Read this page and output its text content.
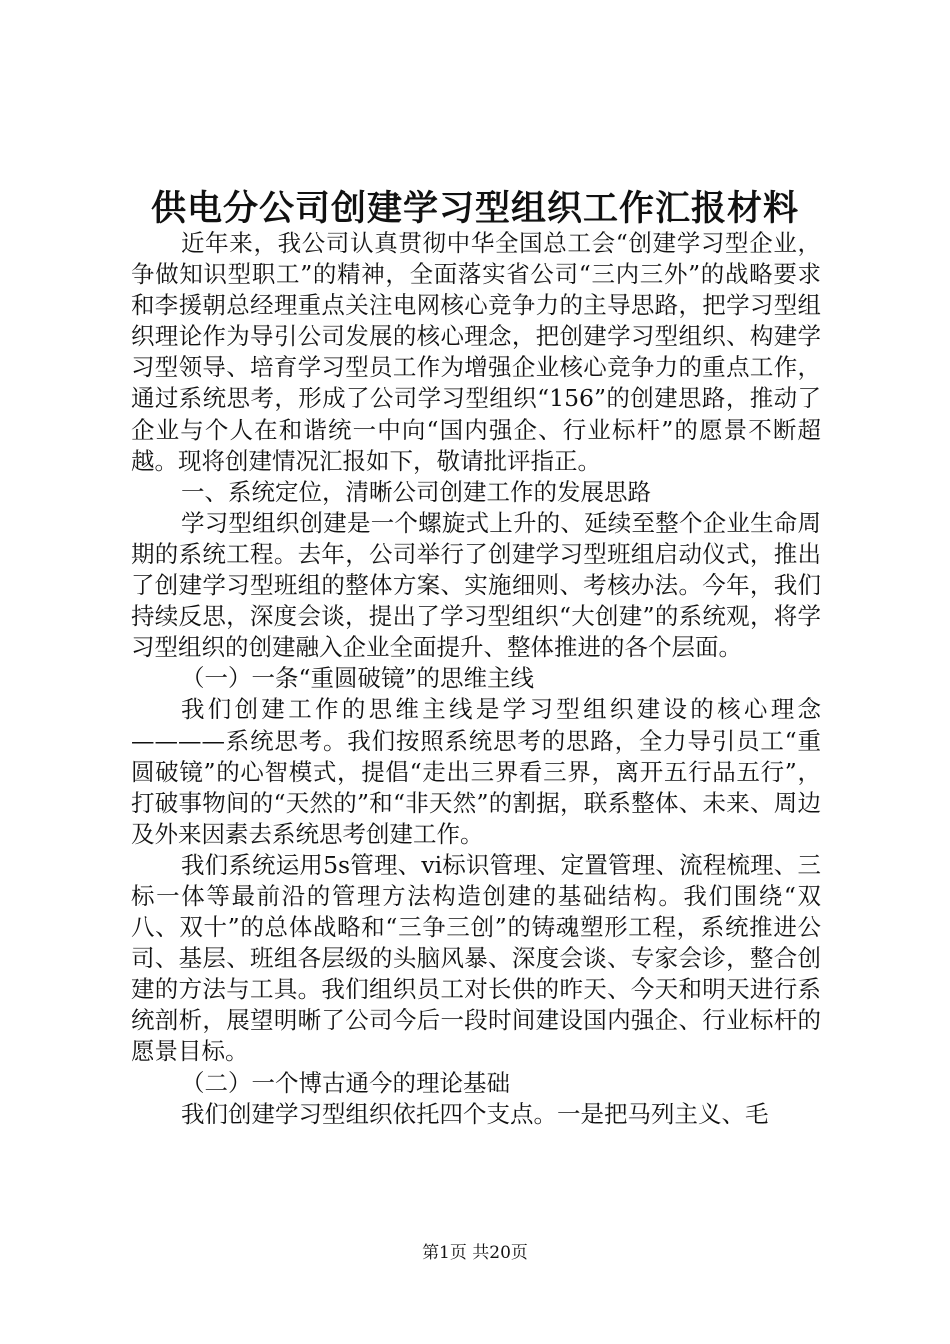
供电分公司创建学习型组织工作汇报材料

近年来，我公司认真贯彻中华全国总工会“创建学习型企业，争做知识型职工”的精神，全面落实省公司“三内三外”的战略要求和李援朝总经理重点关注电网核心竞争力的主导思路，把学习型组织理论作为导引公司发展的核心理念，把创建学习型组织、构建学习型领导、培育学习型员工作为增强企业核心竞争力的重点工作，通过系统思考，形成了公司学习型组织“156”的创建思路，推动了企业与个人在和谐统一中向“国内强企、行业标杆”的愿景不断超越。现将创建情况汇报如下，敬请批评指正。

一、系统定位，清晰公司创建工作的发展思路

学习型组织创建是一个螺旋式上升的、延续至整个企业生命周期的系统工程。去年，公司举行了创建学习型班组启动仪式，推出了创建学习型班组的整体方案、实施细则、考核办法。今年，我们持续反思，深度会谈，提出了学习型组织“大创建”的系统观，将学习型组织的创建融入企业全面提升、整体推进的各个层面。

（一）一条“重圆破镜”的思维主线

我们创建工作的思维主线是学习型组织建设的核心理念————系统思考。我们按照系统思考的思路，全力导引员工“重圆破镜”的心智模式，提倡“走出三界看三界，离开五行品五行”，打破事物间的“天然的”和“非天然”的割据，联系整体、未来、周边及外来因素去系统思考创建工作。

我们系统运用5s管理、vi标识管理、定置管理、流程梳理、三标一体等最前沿的管理方法构造创建的基础结构。我们围绕“双八、双十”的总体战略和“三争三创”的铸魂塑形工程，系统推进公司、基层、班组各层级的头脑风暴、深度会谈、专家会诊，整合创建的方法与工具。我们组织员工对长供的昨天、今天和明天进行系统剖析，展望明晰了公司今后一段时间建设国内强企、行业标杆的愿景目标。

（二）一个博古通今的理论基础

我们创建学习型组织依托四个支点。一是把马列主义、毛

第1页 共20页
